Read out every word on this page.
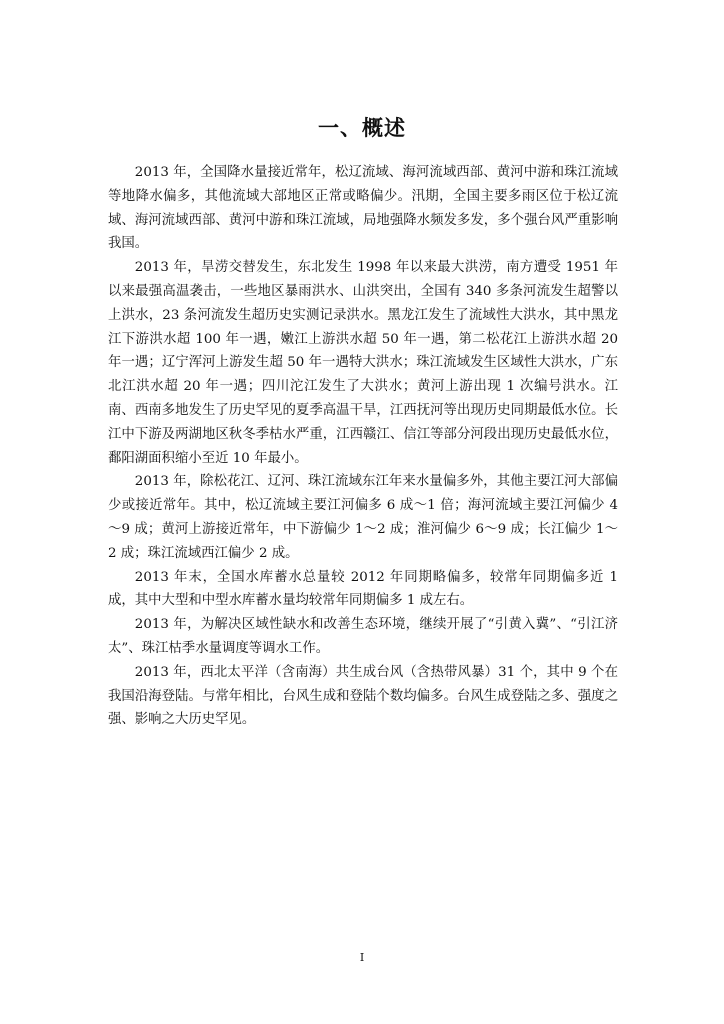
一、概述

2013 年，全国降水量接近常年，松辽流域、海河流域西部、黄河中游和珠江流域等地降水偏多，其他流域大部地区正常或略偏少。汛期，全国主要多雨区位于松辽流域、海河流域西部、黄河中游和珠江流域，局地强降水频发多发，多个强台风严重影响我国。

2013 年，旱涝交替发生，东北发生 1998 年以来最大洪涝，南方遭受 1951 年以来最强高温袭击，一些地区暴雨洪水、山洪突出，全国有 340 多条河流发生超警以上洪水，23 条河流发生超历史实测记录洪水。黑龙江发生了流域性大洪水，其中黑龙江下游洪水超 100 年一遇，嫩江上游洪水超 50 年一遇，第二松花江上游洪水超 20 年一遇；辽宁浑河上游发生超 50 年一遇特大洪水；珠江流域发生区域性大洪水，广东北江洪水超 20 年一遇；四川沱江发生了大洪水；黄河上游出现 1 次编号洪水。江南、西南多地发生了历史罕见的夏季高温干旱，江西抚河等出现历史同期最低水位。长江中下游及两湖地区秋冬季枯水严重，江西赣江、信江等部分河段出现历史最低水位，鄱阳湖面积缩小至近 10 年最小。

2013 年，除松花江、辽河、珠江流域东江年来水量偏多外，其他主要江河大部偏少或接近常年。其中，松辽流域主要江河偏多 6 成～1 倍；海河流域主要江河偏少 4～9 成；黄河上游接近常年，中下游偏少 1～2 成；淮河偏少 6～9 成；长江偏少 1～2 成；珠江流域西江偏少 2 成。

2013 年末，全国水库蓄水总量较 2012 年同期略偏多，较常年同期偏多近 1 成，其中大型和中型水库蓄水量均较常年同期偏多 1 成左右。

2013 年，为解决区域性缺水和改善生态环境，继续开展了“引黄入冀”、“引江济太”、珠江枯季水量调度等调水工作。

2013 年，西北太平洋（含南海）共生成台风（含热带风暴）31 个，其中 9 个在我国沿海登陆。与常年相比，台风生成和登陆个数均偏多。台风生成登陆之多、强度之强、影响之大历史罕见。

I
